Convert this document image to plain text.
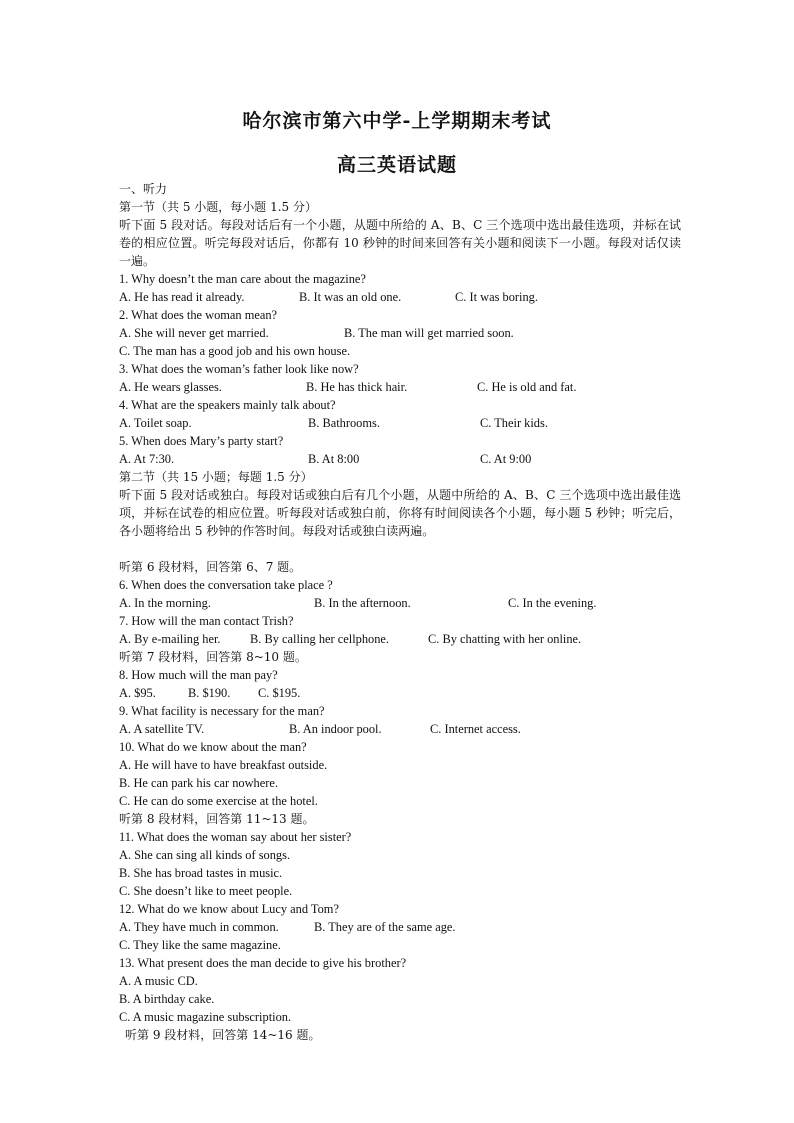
哈尔滨市第六中学-上学期期末考试
高三英语试题
一、听力
第一节（共 5 小题，每小题 1.5 分）
听下面 5 段对话。每段对话后有一个小题，从题中所给的 A、B、C 三个选项中选出最佳选项，并标在试卷的相应位置。听完每段对话后，你都有 10 秒钟的时间来回答有关小题和阅读下一小题。每段对话仅读一遍。
1. Why doesn’t the man care about the magazine?
A. He has read it already.	B. It was an old one.	C. It was boring.
2. What does the woman mean?
A. She will never get married.	B. The man will get married soon.
C. The man has a good job and his own house.
3. What does the woman’s father look like now?
A. He wears glasses.	B. He has thick hair.	C. He is old and fat.
4. What are the speakers mainly talk about?
A. Toilet soap.	B. Bathrooms.	C. Their kids.
5. When does Mary’s party start?
A. At 7:30.	B. At 8:00	C. At 9:00
第二节（共 15 小题；每题 1.5 分）
听下面 5 段对话或独白。每段对话或独白后有几个小题，从题中所给的 A、B、C 三个选项中选出最佳选项，并标在试卷的相应位置。听每段对话或独白前，你将有时间阅读各个小题，每小题 5 秒钟；听完后，各小题将给出 5 秒钟的作答时间。每段对话或独白读两遍。
听第 6 段材料，回答第 6、7 题。
6. When does the conversation take place ?
A. In the morning.	B. In the afternoon.	C. In the evening.
7. How will the man contact Trish?
A. By e-mailing her. B. By calling her cellphone.	C. By chatting with her online.
听第 7 段材料，回答第 8~10 题。
8. How much will the man pay?
A. $95.	B. $190. C. $195.
9. What facility is necessary for the man?
A. A satellite TV.	B. An indoor pool.	C. Internet access.
10. What do we know about the man?
A. He will have to have breakfast outside.
B. He can park his car nowhere.
C. He can do some exercise at the hotel.
听第 8 段材料，回答第 11~13 题。
11. What does the woman say about her sister?
A. She can sing all kinds of songs.
B. She has broad tastes in music.
C. She doesn’t like to meet people.
12. What do we know about Lucy and Tom?
A. They have much in common.	B. They are of the same age.
C. They like the same magazine.
13. What present does the man decide to give his brother?
A. A music CD.
B. A birthday cake.
C. A music magazine subscription.
听第 9 段材料，回答第 14~16 题。
